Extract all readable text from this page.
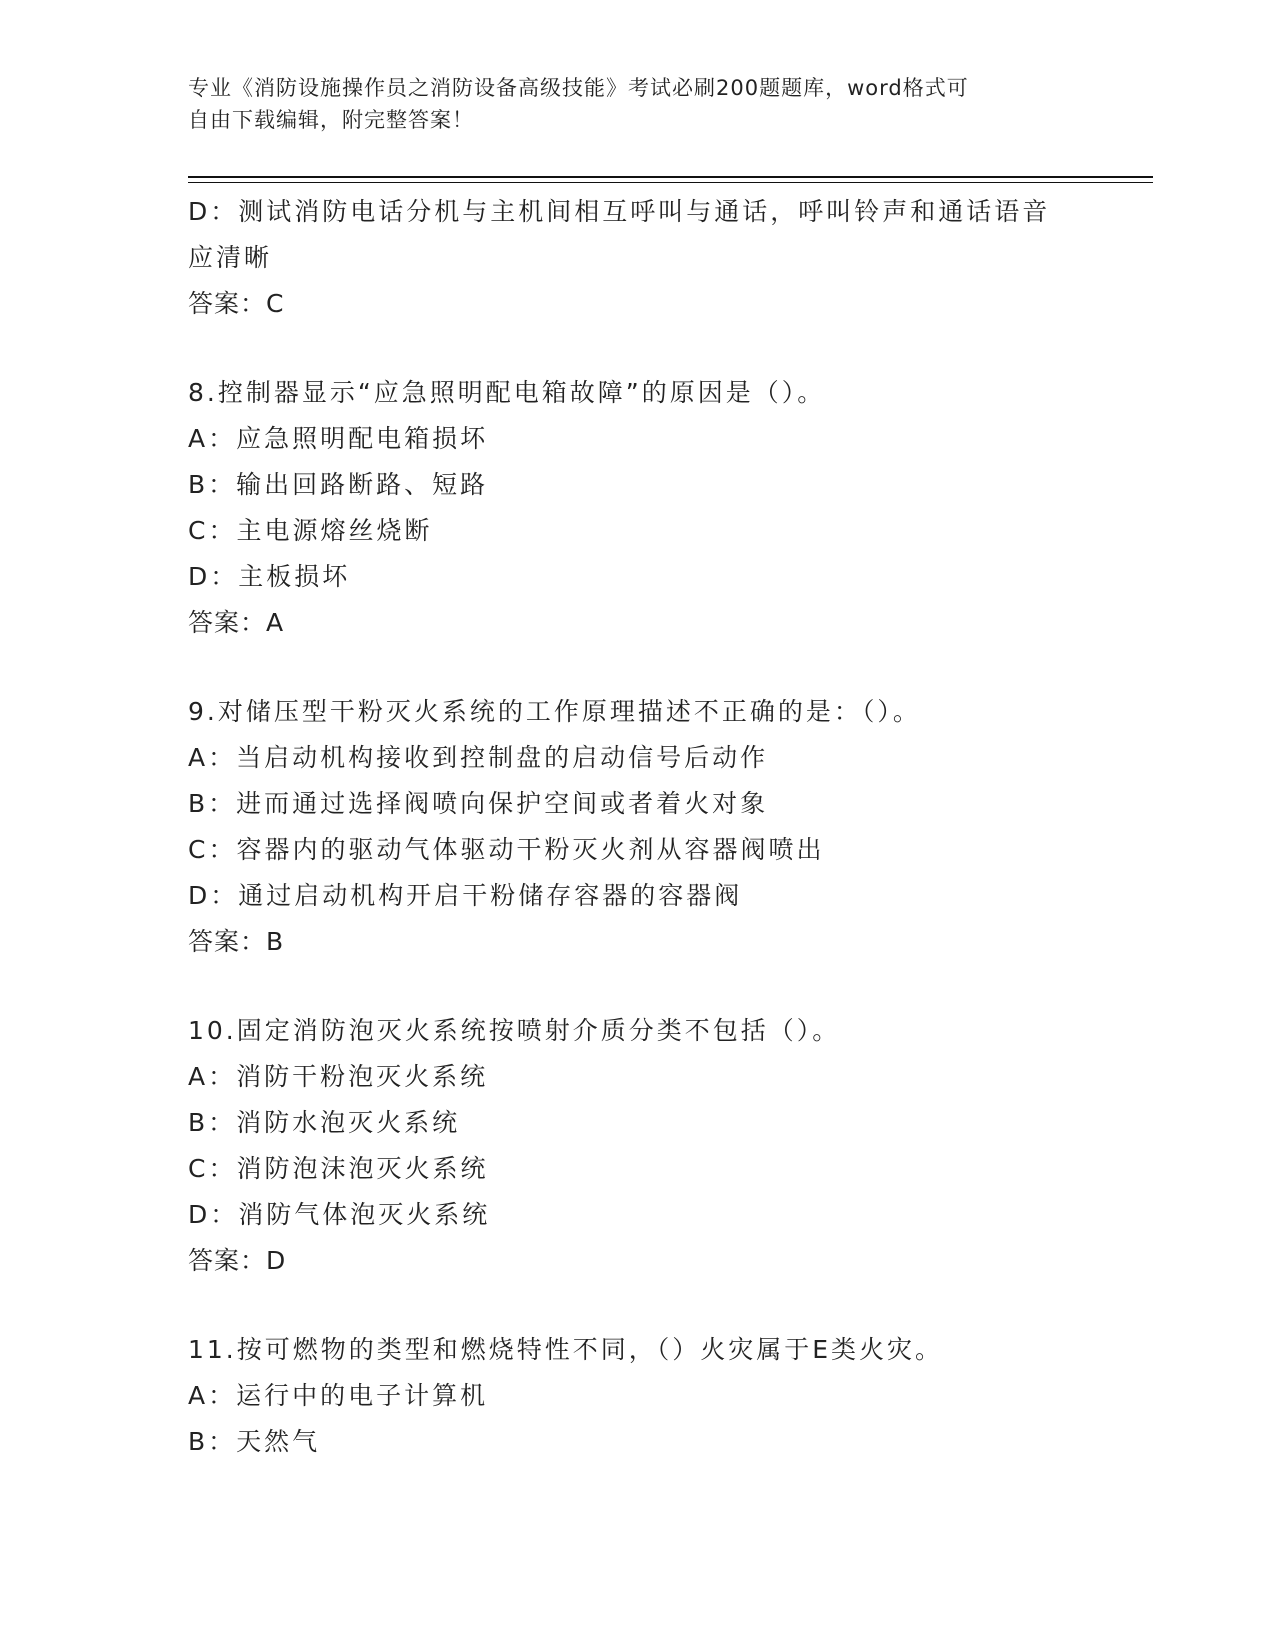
专业《消防设施操作员之消防设备高级技能》考试必刷200题题库，word格式可
自由下载编辑，附完整答案！
D：测试消防电话分机与主机间相互呼叫与通话，呼叫铃声和通话语音
应清晰
答案：C
8.控制器显示“应急照明配电箱故障”的原因是（）。
A：应急照明配电箱损坏
B：输出回路断路、短路
C：主电源熔丝烧断
D：主板损坏
答案：A
9.对储压型干粉灭火系统的工作原理描述不正确的是：（）。
A：当启动机构接收到控制盘的启动信号后动作
B：进而通过选择阀喷向保护空间或者着火对象
C：容器内的驱动气体驱动干粉灭火剂从容器阀喷出
D：通过启动机构开启干粉储存容器的容器阀
答案：B
10.固定消防泡灭火系统按喷射介质分类不包括（）。
A：消防干粉泡灭火系统
B：消防水泡灭火系统
C：消防泡沫泡灭火系统
D：消防气体泡灭火系统
答案：D
11.按可燃物的类型和燃烧特性不同，（）火灾属于E类火灾。
A：运行中的电子计算机
B：天然气
